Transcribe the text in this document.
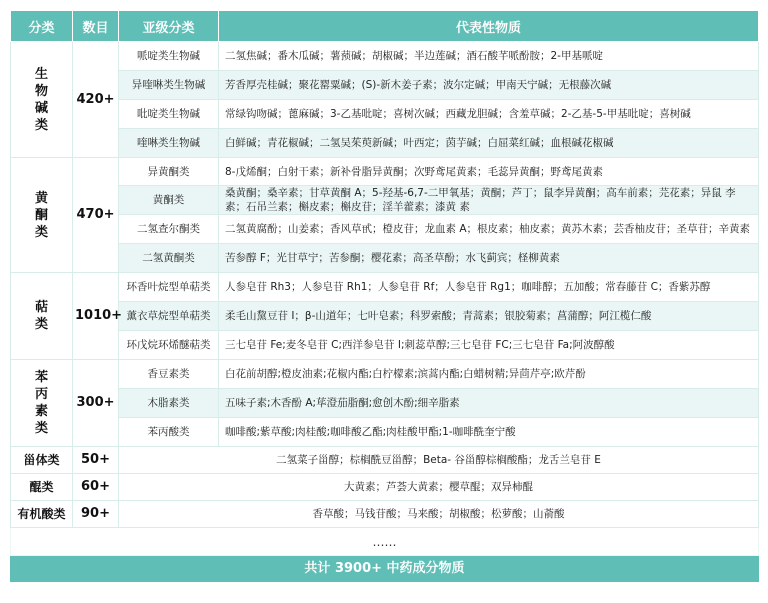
分类	数目	亚级分类	代表性物质
生物碱类	420+	哌啶类生物碱	二氢焦碱；番木瓜碱；薯蓣碱；胡椒碱；半边莲碱；酒石酸芊哌酚胺；2-甲基哌啶
		异喹啉类生物碱	芳香厚壳桂碱；聚花罂粟碱；(S)-新木姜子素；波尔定碱；甲南天宁碱；无根藤次碱
		吡啶类生物碱	常绿钩吻碱；蓖麻碱；3-乙基吡啶；喜树次碱；西藏龙胆碱；含羞草碱；2-乙基-5-甲基吡啶；喜树碱
		喹啉类生物碱	白鲜碱；青花椒碱；二氢吴茱萸新碱；叶西定；茵芋碱；白屈菜红碱；血根碱花椒碱
黄酮类	470+	异黄酮类	8-戊烯酮；白射干素；新补骨脂异黄酮；次野鸢尾黄素；毛蕊异黄酮；野鸢尾黄素
		黄酮类	桑黄酮；桑辛素；甘草黄酮 A；5-羟基-6,7-二甲氧基；黄酮；芦丁；鼠李异黄酮；高车前素；芫花素；异鼠 李素；石吊兰素；槲皮素；槲皮苷；淫羊藿素；漆黄 素
		二氢查尔酮类	二氢黄腐酚；山姜素；香风草甙；橙皮苷；龙血素 A；根皮素；柚皮素；黄苏木素；芸香柚皮苷；圣草苷；辛黄素
		二氢黄酮类	苦参醇 F；光甘草宁；苦参酮；樱花素；高圣草酚；水飞蓟宾；柽柳黄素
萜类	1010+	环香叶烷型单萜类	人参皂苷 Rh3；人参皂苷 Rh1；人参皂苷 Rf；人参皂苷 Rg1；咖啡醇；五加酸；常春藤苷 C；香紫苏醇
		薰衣草烷型单萜类	柔毛山黧豆苷 I；β-山道年；七叶皂素；科罗索酸；青蒿素；银胶菊素；菖蒲醇；阿江榄仁酸
		环戊烷环烯醚萜类	三七皂苷 Fe;麦冬皂苷 C;西洋参皂苷 I;刺蕊草醇;三七皂苷 FC;三七皂苷 Fa;阿波醇酸
苯丙素类	300+	香豆素类	白花前胡醇;橙皮油素;花椒内酯;白柠檬素;滨蒿内酯;白蜡树精;异茴芹亭;欧芹酚
		木脂素类	五味子素;木香酚 A;荜澄茄脂酮;愈创木酚;细辛脂素
		苯丙酸类	咖啡酸;紫草酸;肉桂酸;咖啡酸乙酯;肉桂酸甲酯;1-咖啡酰奎宁酸
甾体类	50+	二氢菜子甾醇；棕榈酰豆甾醇；Beta- 谷甾醇棕榈酸酯；龙舌兰皂苷 E	
醌类	60+	大黄素；芦荟大黄素；樱草醌；双异柿醌	
有机酸类	90+	香草酸；马钱苷酸；马来酸；胡椒酸；松萝酸；山萮酸	
……			
共计 3900+ 中药成分物质			
